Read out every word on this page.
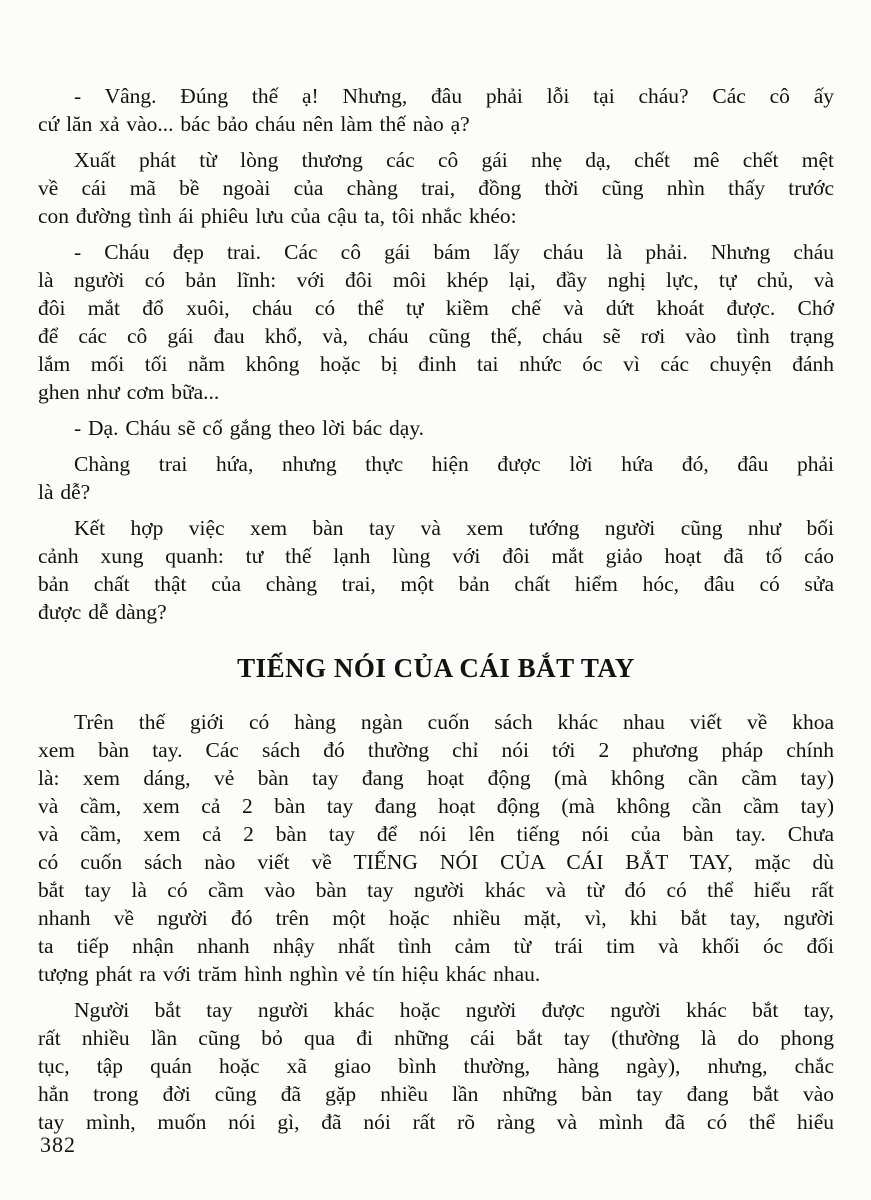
- Vâng. Đúng thế ạ! Nhưng, đâu phải lỗi tại cháu? Các cô ấy
cứ lăn xả vào... bác bảo cháu nên làm thế nào ạ?
Xuất phát từ lòng thương các cô gái nhẹ dạ, chết mê chết mệt
về cái mã bề ngoài của chàng trai, đồng thời cũng nhìn thấy trước
con đường tình ái phiêu lưu của cậu ta, tôi nhắc khéo:
- Cháu đẹp trai. Các cô gái bám lấy cháu là phải. Nhưng cháu
là người có bản lĩnh: với đôi môi khép lại, đầy nghị lực, tự chủ, và
đôi mắt đổ xuôi, cháu có thể tự kiềm chế và dứt khoát được. Chớ
để các cô gái đau khổ, và, cháu cũng thế, cháu sẽ rơi vào tình trạng
lắm mối tối nằm không hoặc bị đinh tai nhức óc vì các chuyện đánh
ghen như cơm bữa...
- Dạ. Cháu sẽ cố gắng theo lời bác dạy.
Chàng trai hứa, nhưng thực hiện được lời hứa đó, đâu phải
là dễ?
Kết hợp việc xem bàn tay và xem tướng người cũng như bối
cảnh xung quanh: tư thế lạnh lùng với đôi mắt giảo hoạt đã tố cáo
bản chất thật của chàng trai, một bản chất hiểm hóc, đâu có sửa
được dễ dàng?
TIẾNG NÓI CỦA CÁI BẮT TAY
Trên thế giới có hàng ngàn cuốn sách khác nhau viết về khoa
xem bàn tay. Các sách đó thường chỉ nói tới 2 phương pháp chính
là: xem dáng, vẻ bàn tay đang hoạt động (mà không cần cầm tay)
và cầm, xem cả 2 bàn tay đang hoạt động (mà không cần cầm tay)
và cầm, xem cả 2 bàn tay để nói lên tiếng nói của bàn tay. Chưa
có cuốn sách nào viết về TIẾNG NÓI CỦA CÁI BẮT TAY, mặc dù
bắt tay là có cầm vào bàn tay người khác và từ đó có thể hiểu rất
nhanh về người đó trên một hoặc nhiều mặt, vì, khi bắt tay, người
ta tiếp nhận nhanh nhậy nhất tình cảm từ trái tim và khối óc đối
tượng phát ra với trăm hình nghìn vẻ tín hiệu khác nhau.
Người bắt tay người khác hoặc người được người khác bắt tay,
rất nhiều lần cũng bỏ qua đi những cái bắt tay (thường là do phong
tục, tập quán hoặc xã giao bình thường, hàng ngày), nhưng, chắc
hẳn trong đời cũng đã gặp nhiều lần những bàn tay đang bắt vào
tay mình, muốn nói gì, đã nói rất rõ ràng và mình đã có thể hiểu
382
